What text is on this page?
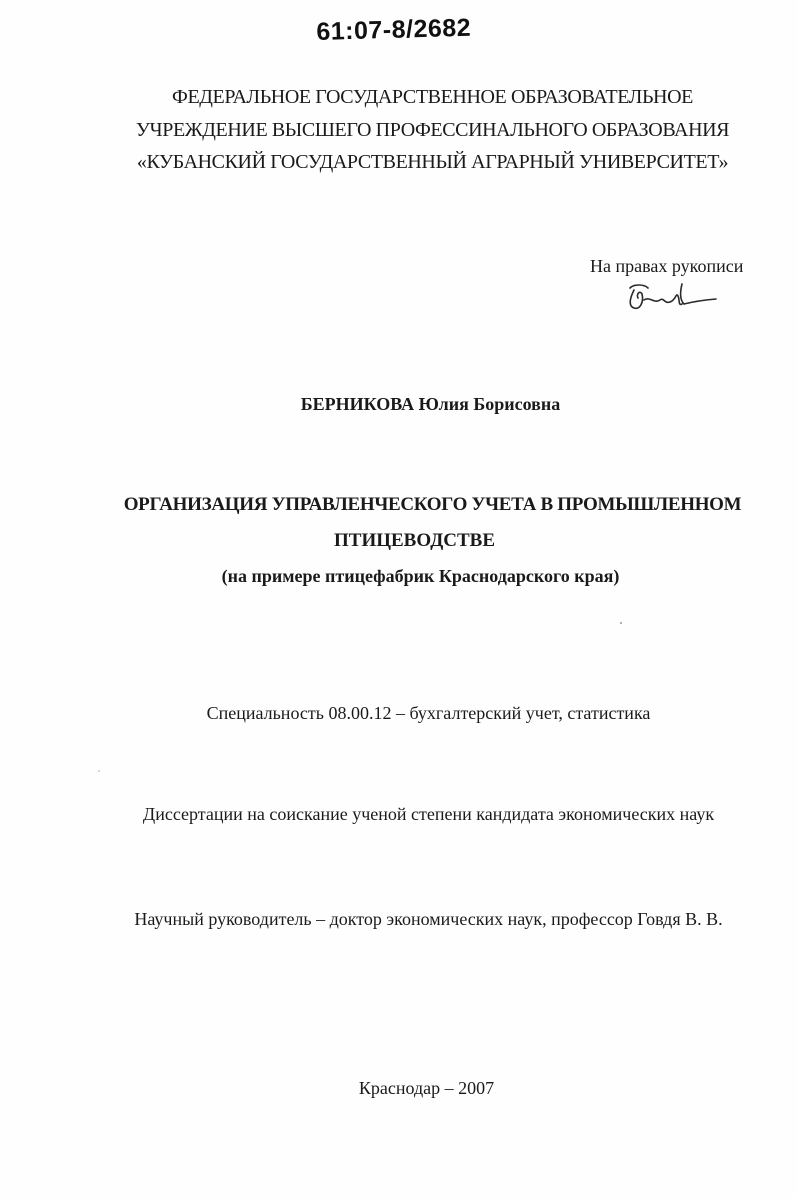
61:07-8/2682
ФЕДЕРАЛЬНОЕ ГОСУДАРСТВЕННОЕ ОБРАЗОВАТЕЛЬНОЕ
УЧРЕЖДЕНИЕ ВЫСШЕГО ПРОФЕССИНАЛЬНОГО ОБРАЗОВАНИЯ
«КУБАНСКИЙ ГОСУДАРСТВЕННЫЙ АГРАРНЫЙ УНИВЕРСИТЕТ»
На правах рукописи
БЕРНИКОВА Юлия Борисовна
ОРГАНИЗАЦИЯ УПРАВЛЕНЧЕСКОГО УЧЕТА В ПРОМЫШЛЕННОМ
ПТИЦЕВОДСТВЕ
(на примере птицефабрик Краснодарского края)
Специальность 08.00.12 – бухгалтерский учет, статистика
Диссертации на соискание ученой степени кандидата экономических наук
Научный руководитель – доктор экономических наук, профессор Говдя В. В.
Краснодар – 2007
